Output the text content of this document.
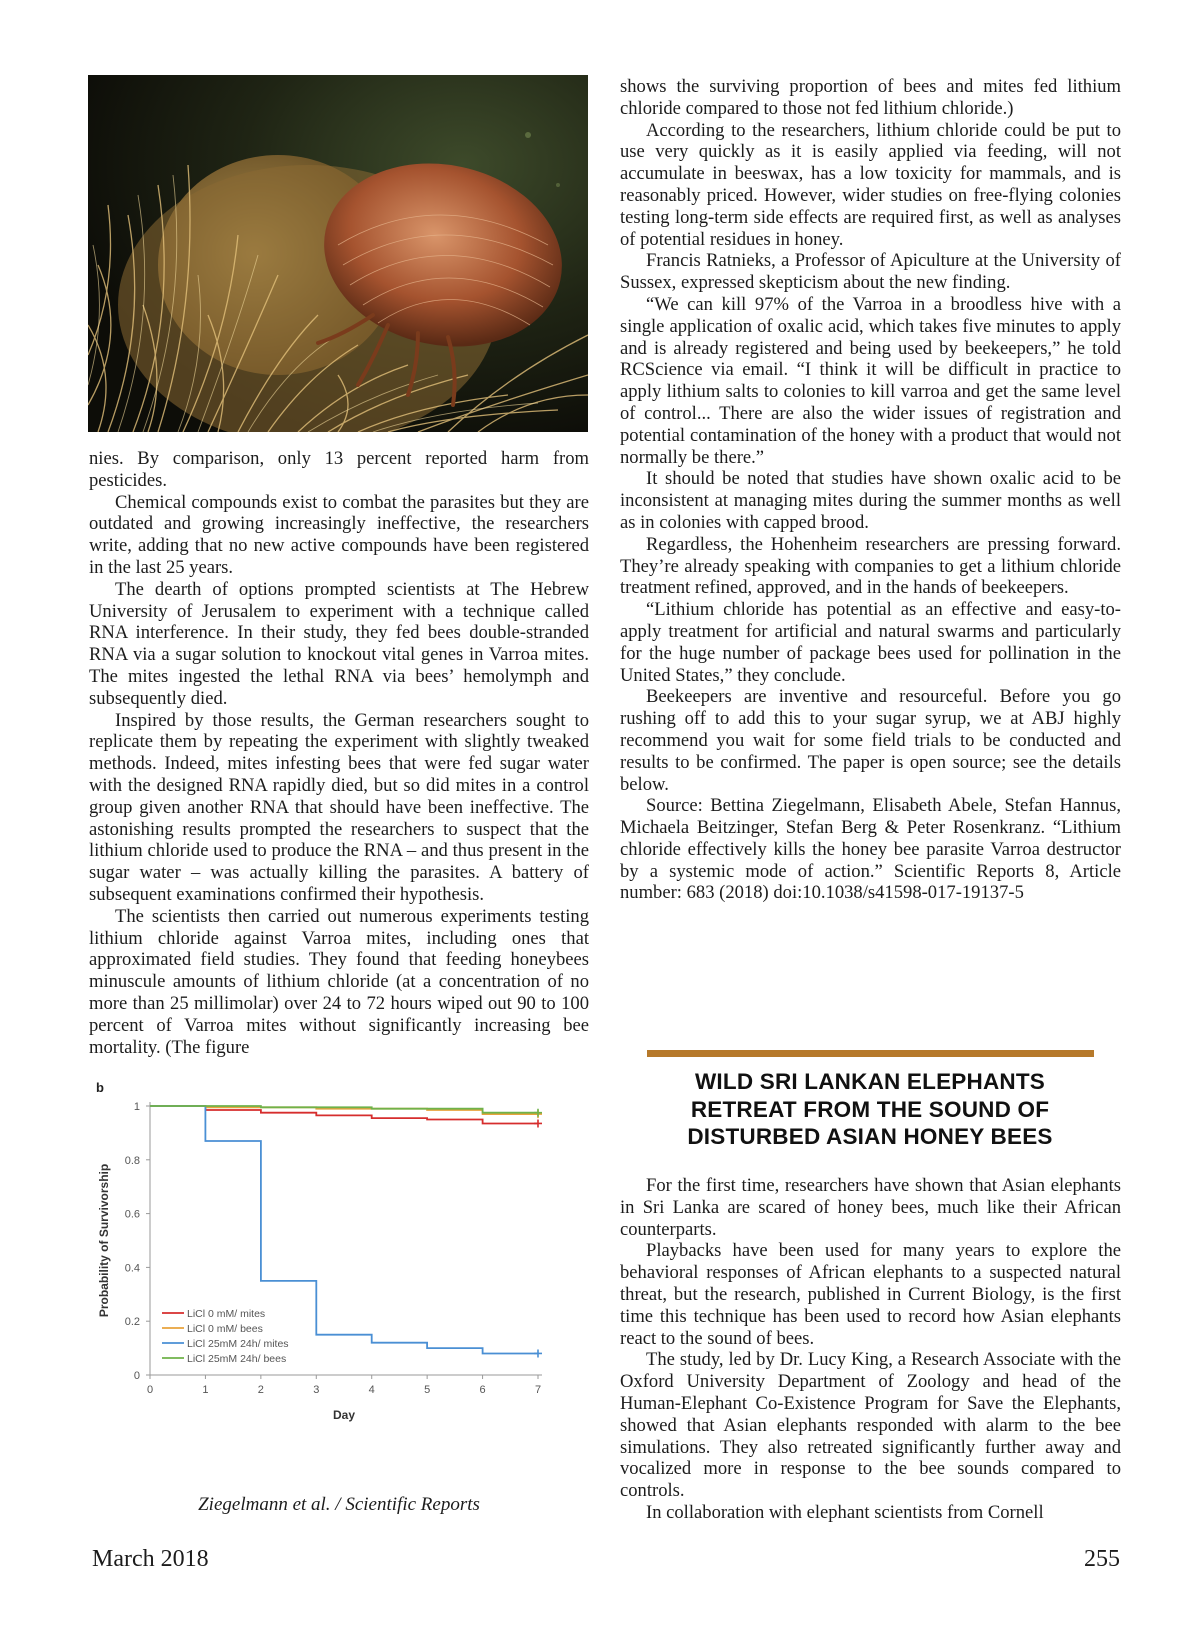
nies. By comparison, only 13 percent reported harm from pesticides.

Chemical compounds exist to combat the parasites but they are outdated and growing increasingly ineffective, the researchers write, adding that no new active compounds have been registered in the last 25 years.

The dearth of options prompted scientists at The Hebrew University of Jerusalem to experiment with a technique called RNA interference. In their study, they fed bees double-stranded RNA via a sugar solution to knockout vital genes in Varroa mites. The mites ingested the lethal RNA via bees’ hemolymph and subsequently died.

Inspired by those results, the German researchers sought to replicate them by repeating the experiment with slightly tweaked methods. Indeed, mites infesting bees that were fed sugar water with the designed RNA rapidly died, but so did mites in a control group given another RNA that should have been ineffective. The astonishing results prompted the researchers to suspect that the lithium chloride used to produce the RNA – and thus present in the sugar water – was actually killing the parasites. A battery of subsequent examinations confirmed their hypothesis.

The scientists then carried out numerous experiments testing lithium chloride against Varroa mites, including ones that approximated field studies. They found that feeding honeybees minuscule amounts of lithium chloride (at a concentration of no more than 25 millimolar) over 24 to 72 hours wiped out 90 to 100 percent of Varroa mites without significantly increasing bee mortality. (The figure

b
0
0.2
0.4
0.6
0.8
1
0	1	2	3	4	5	6	7
LiCl 0 mM/ mites
LiCl 0 mM/ bees
LiCl 25mM 24h/ mites
LiCl 25mM 24h/ bees
Probability of Survivorship
Day
Ziegelmann et al. / Scientific Reports

shows the surviving proportion of bees and mites fed lithium chloride compared to those not fed lithium chloride.)

According to the researchers, lithium chloride could be put to use very quickly as it is easily applied via feeding, will not accumulate in beeswax, has a low toxicity for mammals, and is reasonably priced. However, wider studies on free-flying colonies testing long-term side effects are required first, as well as analyses of potential residues in honey.

Francis Ratnieks, a Professor of Apiculture at the University of Sussex, expressed skepticism about the new finding.

“We can kill 97% of the Varroa in a broodless hive with a single application of oxalic acid, which takes five minutes to apply and is already registered and being used by beekeepers,” he told RCScience via email. “I think it will be difficult in practice to apply lithium salts to colonies to kill varroa and get the same level of control... There are also the wider issues of registration and potential contamination of the honey with a product that would not normally be there.”

It should be noted that studies have shown oxalic acid to be inconsistent at managing mites during the summer months as well as in colonies with capped brood.

Regardless, the Hohenheim researchers are pressing forward. They’re already speaking with companies to get a lithium chloride treatment refined, approved, and in the hands of beekeepers.

“Lithium chloride has potential as an effective and easy-to-apply treatment for artificial and natural swarms and particularly for the huge number of package bees used for pollination in the United States,” they conclude.

Beekeepers are inventive and resourceful. Before you go rushing off to add this to your sugar syrup, we at ABJ highly recommend you wait for some field trials to be conducted and results to be confirmed. The paper is open source; see the details below.

Source: Bettina Ziegelmann, Elisabeth Abele, Stefan Hannus, Michaela Beitzinger, Stefan Berg & Peter Rosenkranz. “Lithium chloride effectively kills the honey bee parasite Varroa destructor by a systemic mode of action.” Scientific Reports 8, Article number: 683 (2018) doi:10.1038/s41598-017-19137-5

WILD SRI LANKAN ELEPHANTS RETREAT FROM THE SOUND OF DISTURBED ASIAN HONEY BEES

For the first time, researchers have shown that Asian elephants in Sri Lanka are scared of honey bees, much like their African counterparts.

Playbacks have been used for many years to explore the behavioral responses of African elephants to a suspected natural threat, but the research, published in Current Biology, is the first time this technique has been used to record how Asian elephants react to the sound of bees.

The study, led by Dr. Lucy King, a Research Associate with the Oxford University Department of Zoology and head of the Human-Elephant Co-Existence Program for Save the Elephants, showed that Asian elephants responded with alarm to the bee simulations. They also retreated significantly further away and vocalized more in response to the bee sounds compared to controls.

In collaboration with elephant scientists from Cornell

March 2018	255
